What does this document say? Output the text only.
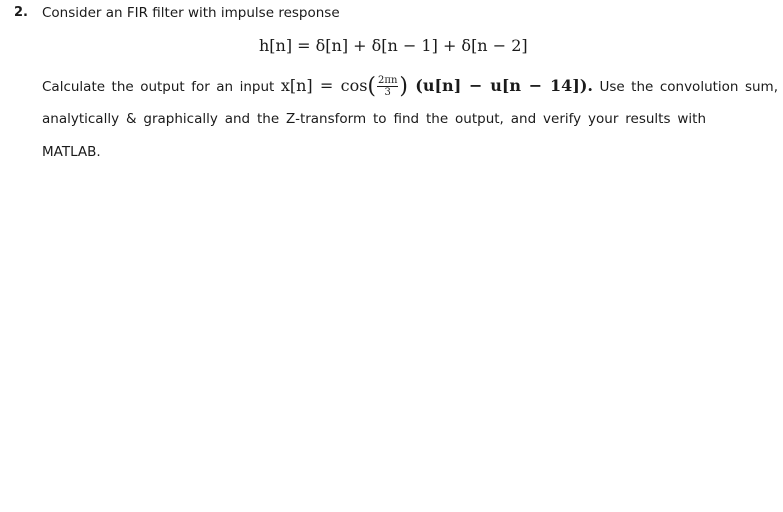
2. Consider an FIR filter with impulse response
h[n] = δ[n] + δ[n − 1] + δ[n − 2]
Calculate the output for an input $x[n] = \cos( \frac{2\pi n}{3}$ ) (u[n] − u[n − 14]). Use the convolution sum,
analytically & graphically and the Z-transform to find the output, and verify your results with
MATLAB.
